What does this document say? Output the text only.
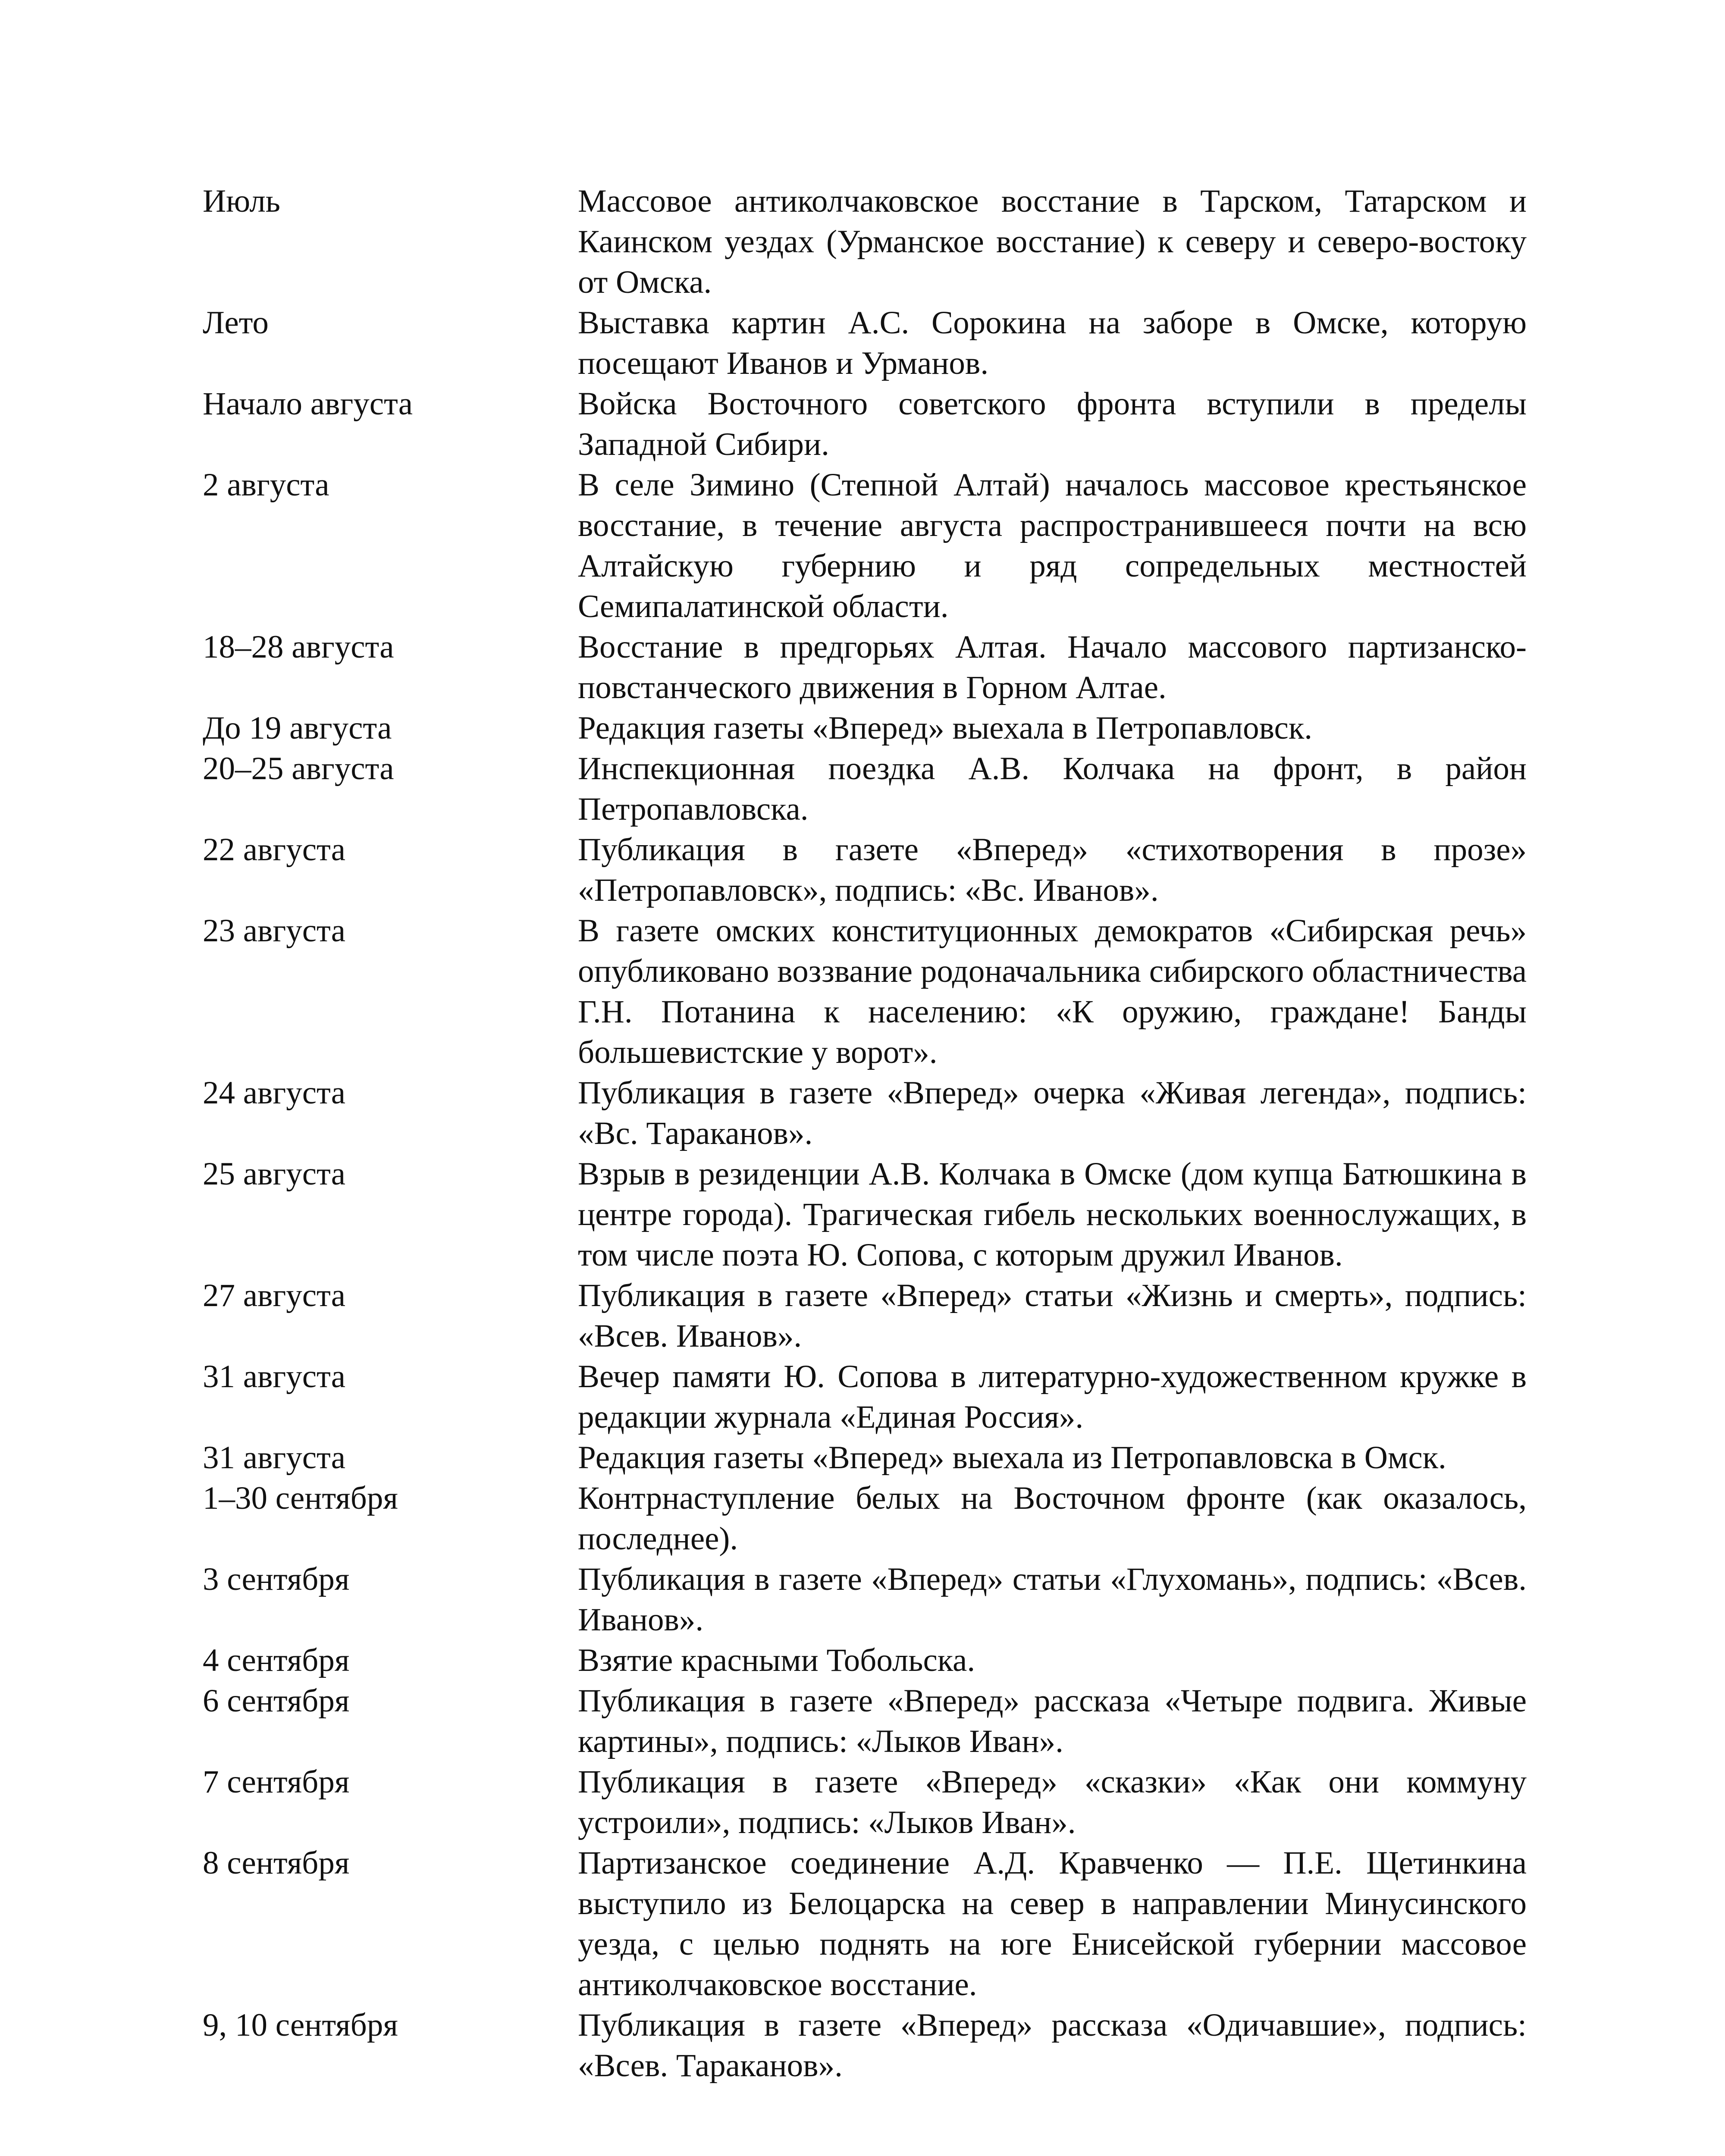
Июль	Массовое антиколчаковское восстание в Тарском, Татарском и Каинском уездах (Урманское восстание) к северу и северо-востоку от Омска.
Лето	Выставка картин А.С. Сорокина на заборе в Омске, которую посещают Иванов и Урманов.
Начало августа	Войска Восточного советского фронта вступили в пределы Западной Сибири.
2 августа	В селе Зимино (Степной Алтай) началось массовое крестьянское восстание, в течение августа распространившееся почти на всю Алтайскую губернию и ряд сопредельных местностей Семипалатинской области.
18–28 августа	Восстание в предгорьях Алтая. Начало массового партизанско-повстанческого движения в Горном Алтае.
До 19 августа	Редакция газеты «Вперед» выехала в Петропавловск.
20–25 августа	Инспекционная поездка А.В. Колчака на фронт, в район Петропавловска.
22 августа	Публикация в газете «Вперед» «стихотворения в прозе» «Петропавловск», подпись: «Вс. Иванов».
23 августа	В газете омских конституционных демократов «Сибирская речь» опубликовано воззвание родоначальника сибирского областничества Г.Н. Потанина к населению: «К оружию, граждане! Банды большевистские у ворот».
24 августа	Публикация в газете «Вперед» очерка «Живая легенда», подпись: «Вс. Тараканов».
25 августа	Взрыв в резиденции А.В. Колчака в Омске (дом купца Батюшкина в центре города). Трагическая гибель нескольких военнослужащих, в том числе поэта Ю. Сопова, с которым дружил Иванов.
27 августа	Публикация в газете «Вперед» статьи «Жизнь и смерть», подпись: «Всев. Иванов».
31 августа	Вечер памяти Ю. Сопова в литературно-художественном кружке в редакции журнала «Единая Россия».
31 августа	Редакция газеты «Вперед» выехала из Петропавловска в Омск.
1–30 сентября	Контрнаступление белых на Восточном фронте (как оказалось, последнее).
3 сентября	Публикация в газете «Вперед» статьи «Глухомань», подпись: «Всев. Иванов».
4 сентября	Взятие красными Тобольска.
6 сентября	Публикация в газете «Вперед» рассказа «Четыре подвига. Живые картины», подпись: «Лыков Иван».
7 сентября	Публикация в газете «Вперед» «сказки» «Как они коммуну устроили», подпись: «Лыков Иван».
8 сентября	Партизанское соединение А.Д. Кравченко — П.Е. Щетинкина выступило из Белоцарска на север в направлении Минусинского уезда, с целью поднять на юге Енисейской губернии массовое антиколчаковское восстание.
9, 10 сентября	Публикация в газете «Вперед» рассказа «Одичавшие», подпись: «Всев. Тараканов».
